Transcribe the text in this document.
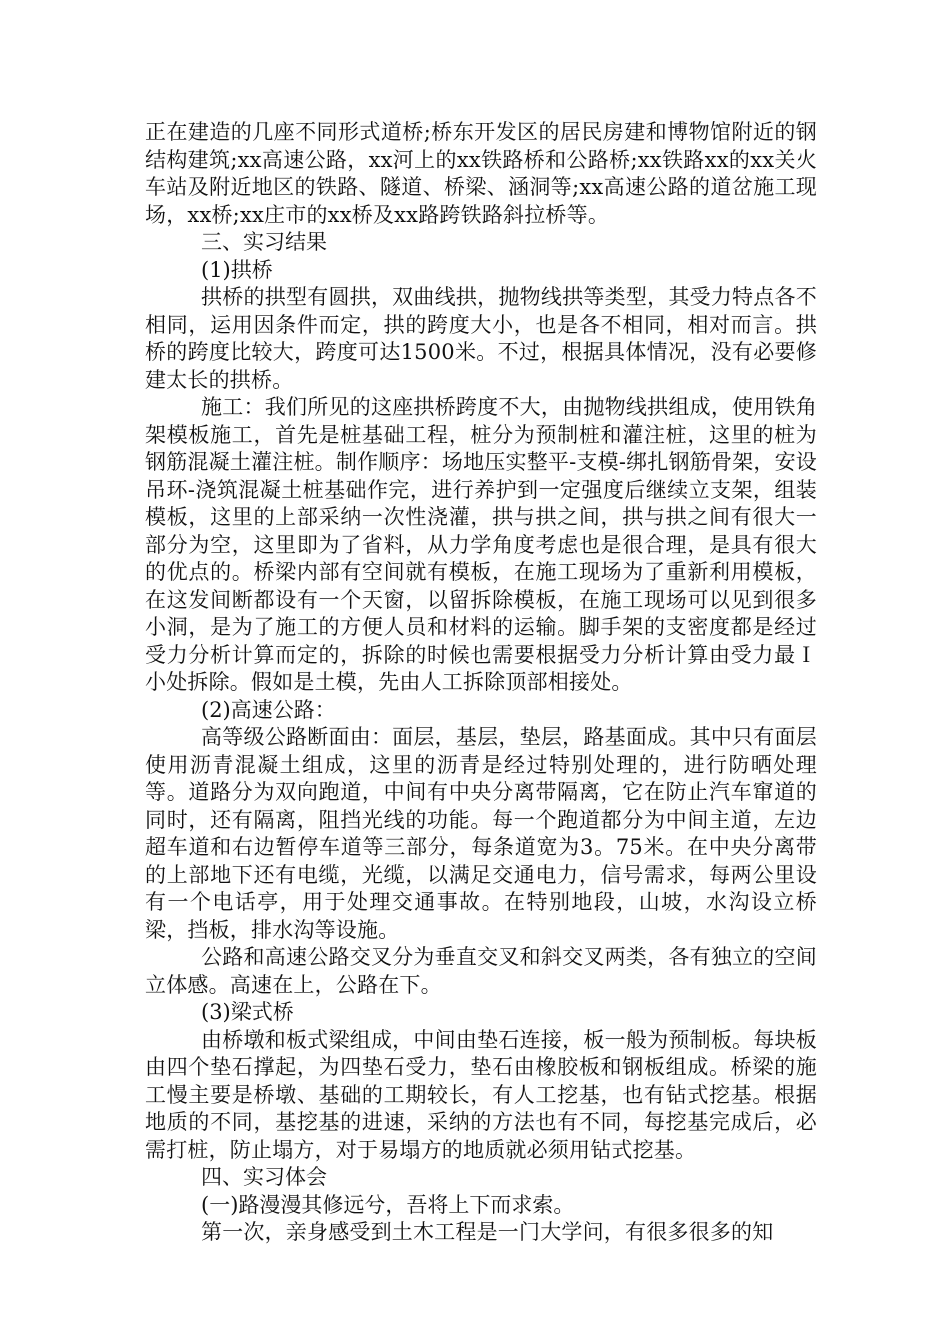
正在建造的几座不同形式道桥;桥东开发区的居民房建和博物馆附近的钢结构建筑;xx高速公路，xx河上的xx铁路桥和公路桥;xx铁路xx的xx关火车站及附近地区的铁路、隧道、桥梁、涵洞等;xx高速公路的道岔施工现场，xx桥;xx庄市的xx桥及xx路跨铁路斜拉桥等。

三、实习结果

(1)拱桥

拱桥的拱型有圆拱，双曲线拱，抛物线拱等类型，其受力特点各不相同，运用因条件而定，拱的跨度大小，也是各不相同，相对而言。拱桥的跨度比较大，跨度可达1500米。不过，根据具体情况，没有必要修建太长的拱桥。

施工：我们所见的这座拱桥跨度不大，由抛物线拱组成，使用铁角架模板施工，首先是桩基础工程，桩分为预制桩和灌注桩，这里的桩为钢筋混凝土灌注桩。制作顺序：场地压实整平-支模-绑扎钢筋骨架，安设吊环-浇筑混凝土桩基础作完，进行养护到一定强度后继续立支架，组装模板，这里的上部采纳一次性浇灌，拱与拱之间，拱与拱之间有很大一部分为空，这里即为了省料，从力学角度考虑也是很合理，是具有很大的优点的。桥梁内部有空间就有模板，在施工现场为了重新利用模板，在这发间断都设有一个天窗，以留拆除模板，在施工现场可以见到很多小洞，是为了施工的方便人员和材料的运输。脚手架的支密度都是经过受力分析计算而定的，拆除的时候也需要根据受力分析计算由受力最Ｉ小处拆除。假如是土模，先由人工拆除顶部相接处。

(2)高速公路：

高等级公路断面由：面层，基层，垫层，路基面成。其中只有面层使用沥青混凝土组成，这里的沥青是经过特别处理的，进行防晒处理等。道路分为双向跑道，中间有中央分离带隔离，它在防止汽车窜道的同时，还有隔离，阻挡光线的功能。每一个跑道都分为中间主道，左边超车道和右边暂停车道等三部分，每条道宽为3。75米。在中央分离带的上部地下还有电缆，光缆，以满足交通电力，信号需求，每两公里设有一个电话亭，用于处理交通事故。在特别地段，山坡，水沟设立桥梁，挡板，排水沟等设施。

公路和高速公路交叉分为垂直交叉和斜交叉两类，各有独立的空间立体感。高速在上，公路在下。

(3)梁式桥

由桥墩和板式梁组成，中间由垫石连接，板一般为预制板。每块板由四个垫石撑起，为四垫石受力，垫石由橡胶板和钢板组成。桥梁的施工慢主要是桥墩、基础的工期较长，有人工挖基，也有钻式挖基。根据地质的不同，基挖基的进速，采纳的方法也有不同，每挖基完成后，必需打桩，防止塌方，对于易塌方的地质就必须用钻式挖基。

四、实习体会

(一)路漫漫其修远兮，吾将上下而求索。

第一次，亲身感受到土木工程是一门大学问，有很多很多的知
